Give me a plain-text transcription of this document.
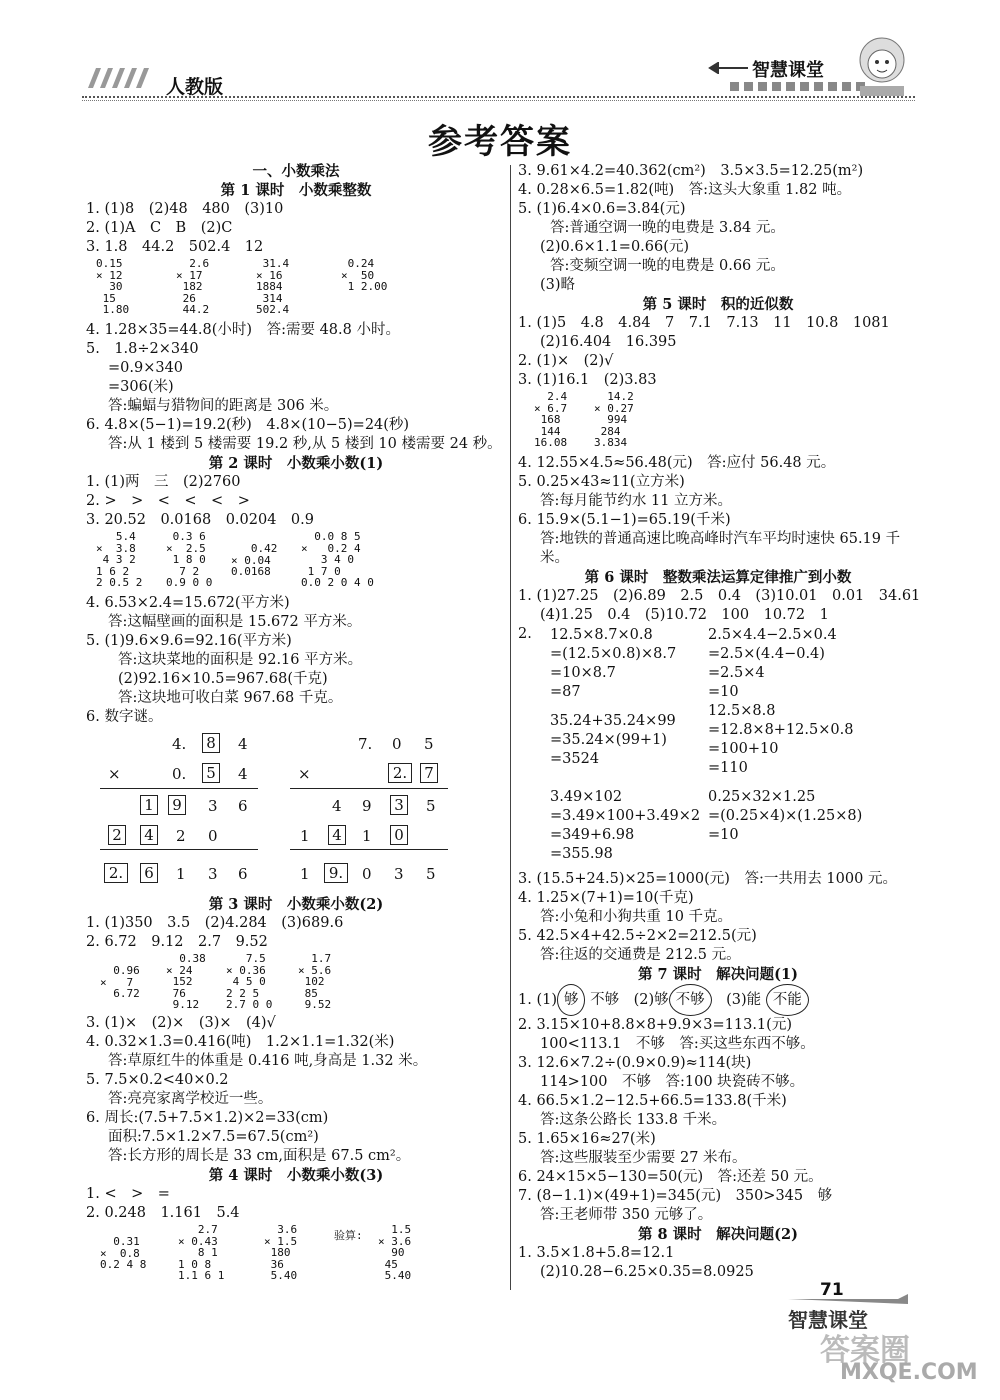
人教版
智慧课堂
参考答案
一、小数乘法
第 1 课时　小数乘整数
1. (1)8　(2)48　480　(3)10
2. (1)A　C　B　(2)C
3. 1.8　44.2　502.4　12
0.15
× 12
30
15
1.80
2.6
× 17
182
26
44.2
31.4
× 16
1884
314
502.4
0.24
×  50
1 2.00
4. 1.28×35=44.8(小时)　答:需要 48.8 小时。
5.　1.8÷2×340
=0.9×340
=306(米)
答:蝙蝠与猎物间的距离是 306 米。
6. 4.8×(5−1)=19.2(秒)　4.8×(10−5)=24(秒)
答:从 1 楼到 5 楼需要 19.2 秒,从 5 楼到 10 楼需要 24 秒。
第 2 课时　小数乘小数(1)
1. (1)两　三　(2)2760
2. >　>　<　<　<　>
3. 20.52　0.0168　0.0204　0.9
5.4
×  3.8
4 3 2
1 6 2
2 0.5 2
0.3 6
×  2.5
1 8 0
7 2
0.9 0 0
0.42
× 0.04
0.0168
0.0 8 5
×   0.2 4
3 4 0
1 7 0
0.0 2 0 4 0
4. 6.53×2.4=15.672(平方米)
答:这幅壁画的面积是 15.672 平方米。
5. (1)9.6×9.6=92.16(平方米)
答:这块菜地的面积是 92.16 平方米。
(2)92.16×10.5=967.68(千克)
答:这块地可收白菜 967.68 千克。
6. 数字谜。
4. 8 4
×	0. 5 4
1 9 3 6
2 4 2 0
7. 0 5
×	2.	7
4 9 3 5
1 4 1 0
2.	6 1 3 6	1	9.	0 3 5
第 3 课时　小数乘小数(2)
1. (1)350　3.5　(2)4.284　(3)689.6
2. 6.72　9.12　2.7　9.52
0.96
×   7
6.72
0.38
× 24
152
76
9.12
7.5
× 0.36
4 5 0
2 2 5
2.7 0 0
1.7
× 5.6
102
85
9.52
3. (1)×　(2)×　(3)×　(4)√
4. 0.32×1.3=0.416(吨)　1.2×1.1=1.32(米)
答:草原红牛的体重是 0.416 吨,身高是 1.32 米。
5. 7.5×0.2<40×0.2
答:亮亮家离学校近一些。
6. 周长:(7.5+7.5×1.2)×2=33(cm)
面积:7.5×1.2×7.5=67.5(cm²)
答:长方形的周长是 33 cm,面积是 67.5 cm²。
第 4 课时　小数乘小数(3)
1. <　>　=
2. 0.248　1.161　5.4
0.31
×  0.8
0.2 4 8
2.7
× 0.43
8 1
1 0 8
1.1 6 1
3.6
× 1.5
180
36
5.40
验算:	1.5
× 3.6
90
45
5.40
3. 9.61×4.2=40.362(cm²)　3.5×3.5=12.25(m²)
4. 0.28×6.5=1.82(吨)　答:这头大象重 1.82 吨。
5. (1)6.4×0.6=3.84(元)
答:普通空调一晚的电费是 3.84 元。
(2)0.6×1.1=0.66(元)
答:变频空调一晚的电费是 0.66 元。
(3)略
第 5 课时　积的近似数
1. (1)5　4.8　4.84　7　7.1　7.13　11　10.8　1081
(2)16.404　16.395
2. (1)×　(2)√
3. (1)16.1　(2)3.83
2.4
× 6.7
168
144
16.08
14.2
× 0.27
994
284
3.834
4. 12.55×4.5≈56.48(元)　答:应付 56.48 元。
5. 0.25×43≈11(立方米)
答:每月能节约水 11 立方米。
6. 15.9×(5.1−1)=65.19(千米)
答:地铁的普通高速比晚高峰时汽车平均时速快 65.19 千
米。
第 6 课时　整数乘法运算定律推广到小数
1. (1)27.25　(2)6.89　2.5　0.4　(3)10.01　0.01　34.61
(4)1.25　0.4　(5)10.72　100　10.72　1
2.	12.5×8.7×0.8
=(12.5×0.8)×8.7
=10×8.7
=87
2.5×4.4−2.5×0.4
=2.5×(4.4−0.4)
=2.5×4
=10
35.24+35.24×99
=35.24×(99+1)
=3524
12.5×8.8
=12.8×8+12.5×0.8
=100+10
=110
3.49×102
=3.49×100+3.49×2
=349+6.98
=355.98
0.25×32×1.25
=(0.25×4)×(1.25×8)
=10
3. (15.5+24.5)×25=1000(元)　答:一共用去 1000 元。
4. 1.25×(7+1)=10(千克)
答:小兔和小狗共重 10 千克。
5. 42.5×4+42.5÷2×2=212.5(元)
答:往返的交通费是 212.5 元。
第 7 课时　解决问题(1)
1. (1) 够 不够　(2)够 不够　(3)能 不能
2. 3.15×10+8.8×8+9.9×3=113.1(元)
100<113.1　不够　答:买这些东西不够。
3. 12.6×7.2÷(0.9×0.9)≈114(块)
114>100　不够　答:100 块瓷砖不够。
4. 66.5×1.2−12.5+66.5=133.8(千米)
答:这条公路长 133.8 千米。
5. 1.65×16≈27(米)
答:这些服装至少需要 27 米布。
6. 24×15×5−130=50(元)　答:还差 50 元。
7. (8−1.1)×(49+1)=345(元)　350>345　够
答:王老师带 350 元够了。
第 8 课时　解决问题(2)
1. 3.5×1.8+5.8=12.1
(2)10.28−6.25×0.35=8.0925
71
智慧课堂
答案圈
MXQE.COM
